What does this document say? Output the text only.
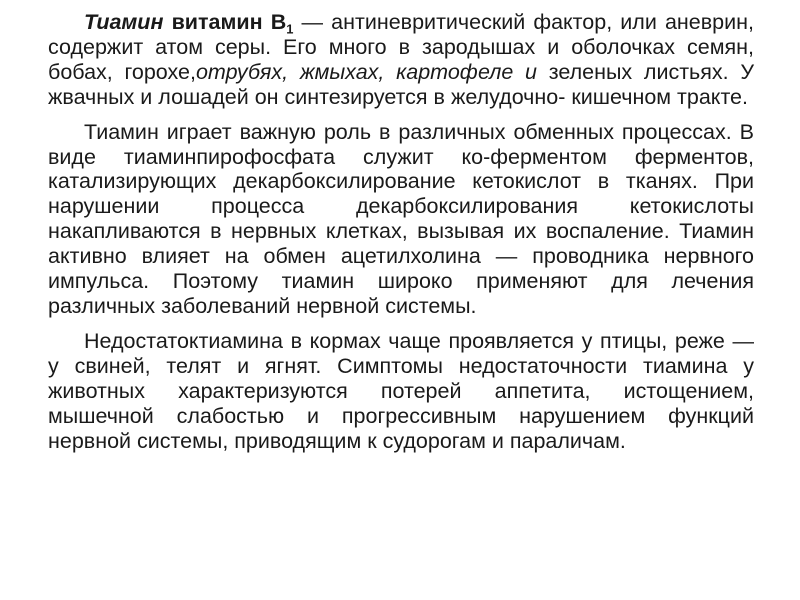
Тиамин витамин $B_1$ — антиневритический фактор, или аневрин, содержит атом серы. Его много в зародышах и оболочках семян, бобах, горохе,отрубях, жмыхах, картофеле и зеленых листьях. У жвачных и лошадей он синтезируется в желудочно- кишечном тракте.

Тиамин играет важную роль в различных обменных процессах. В виде тиаминпирофосфата служит ко-ферментом ферментов, катализирующих декарбоксилирование кетокислот в тканях. При нарушении процесса декарбоксилирования кетокислоты накапливаются в нервных клетках, вызывая их воспаление. Тиамин активно влияет на обмен ацетилхолина — проводника нервного импульса. Поэтому тиамин широко применяют для лечения различных заболеваний нервной системы.

Недостатоктиамина в кормах чаще проявляется у птицы, реже — у свиней, телят и ягнят. Симптомы недостаточности тиамина у животных характеризуются потерей аппетита, истощением, мышечной слабостью и прогрессивным нарушением функций нервной системы, приводящим к судорогам и параличам.
